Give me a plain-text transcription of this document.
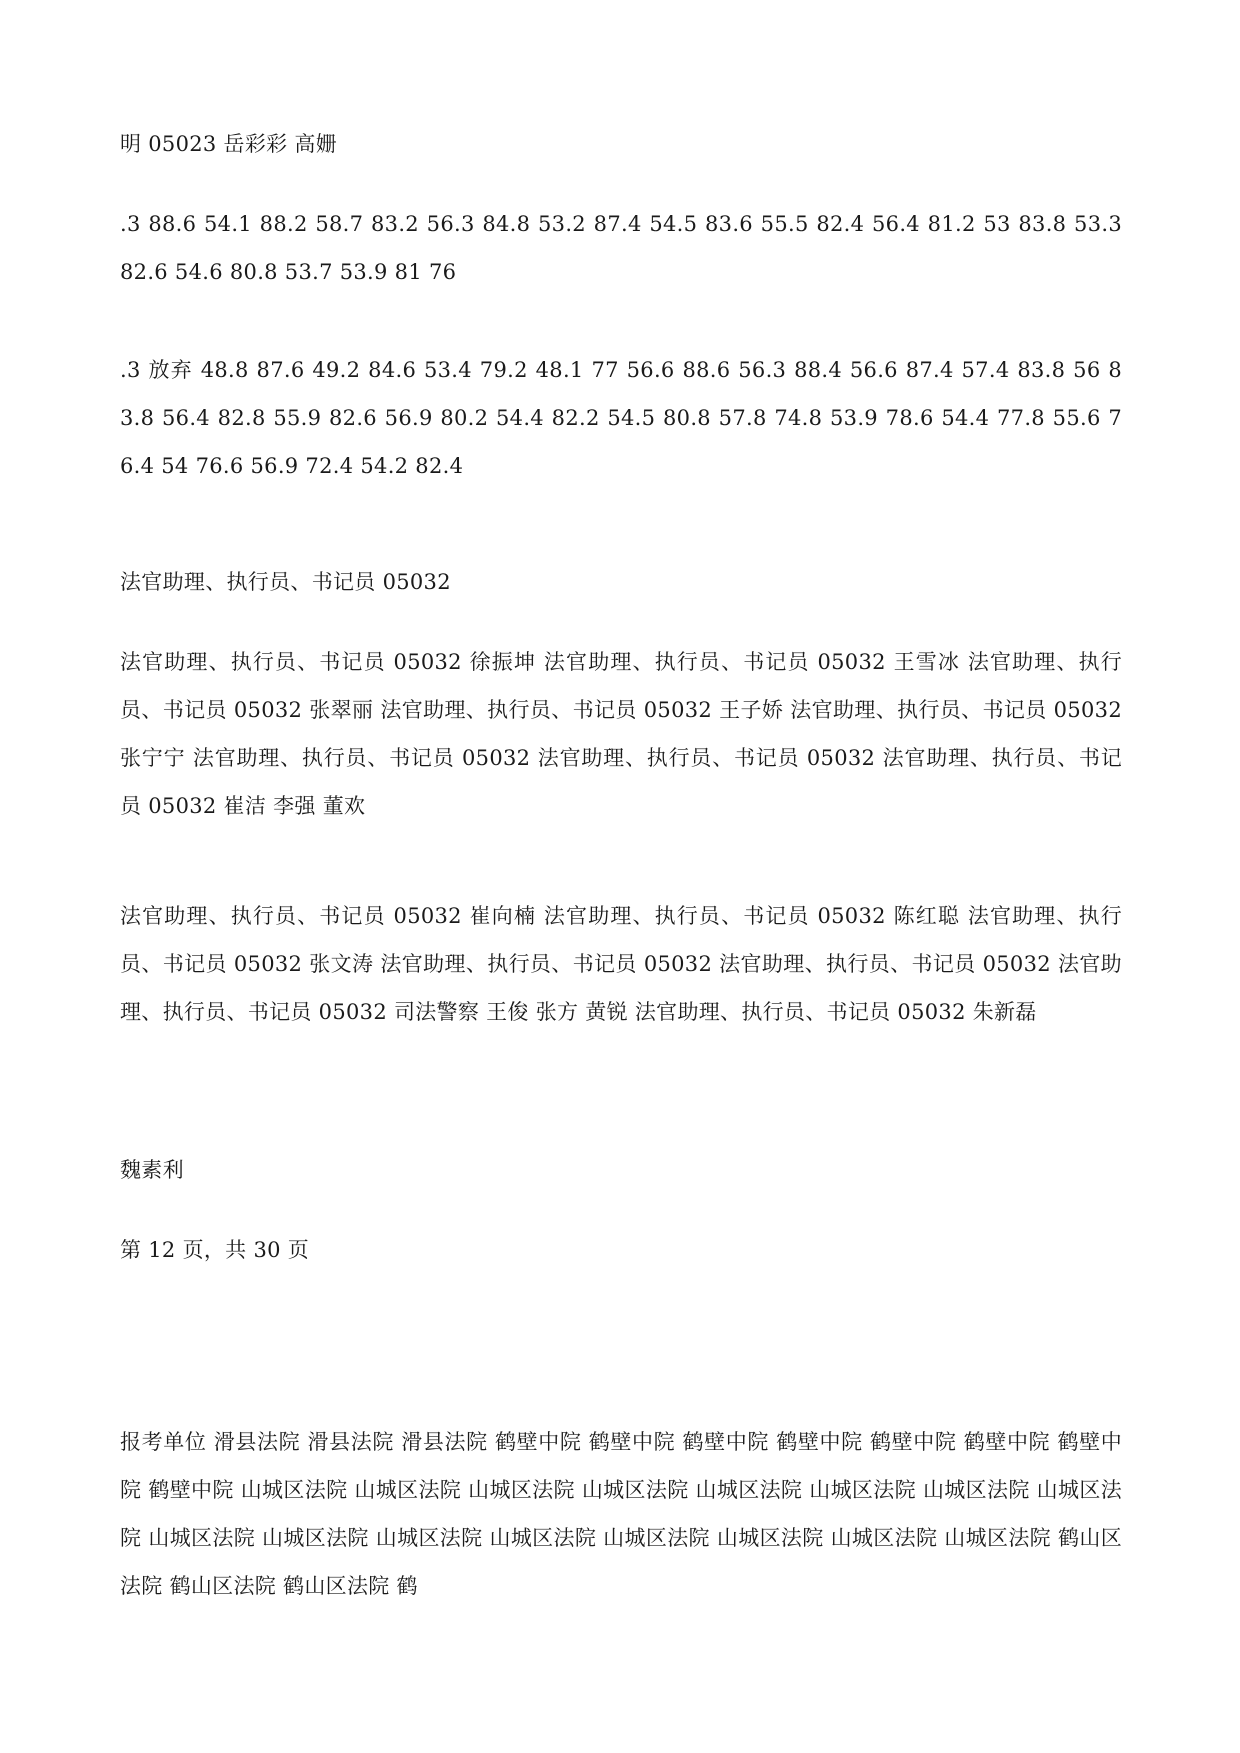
明 05023 岳彩彩 高姗

.3 88.6 54.1 88.2 58.7 83.2 56.3 84.8 53.2 87.4 54.5 83.6 55.5 82.4 56.4 81.2 53 83.8 53.3 82.6 54.6 80.8 53.7 53.9 81 76

.3 放弃 48.8 87.6 49.2 84.6 53.4 79.2 48.1 77 56.6 88.6 56.3 88.4 56.6 87.4 57.4 83.8 56 83.8 56.4 82.8 55.9 82.6 56.9 80.2 54.4 82.2 54.5 80.8 57.8 74.8 53.9 78.6 54.4 77.8 55.6 76.4 54 76.6 56.9 72.4 54.2 82.4

法官助理、执行员、书记员 05032

法官助理、执行员、书记员 05032 徐振坤 法官助理、执行员、书记员 05032 王雪冰 法官助理、执行员、书记员 05032 张翠丽 法官助理、执行员、书记员 05032 王子娇 法官助理、执行员、书记员 05032 张宁宁 法官助理、执行员、书记员 05032 法官助理、执行员、书记员 05032 法官助理、执行员、书记员 05032 崔洁 李强 董欢

法官助理、执行员、书记员 05032 崔向楠 法官助理、执行员、书记员 05032 陈红聪 法官助理、执行员、书记员 05032 张文涛 法官助理、执行员、书记员 05032 法官助理、执行员、书记员 05032 法官助理、执行员、书记员 05032 司法警察 王俊 张方 黄锐 法官助理、执行员、书记员 05032 朱新磊

魏素利

第 12 页，共 30 页

报考单位 滑县法院 滑县法院 滑县法院 鹤壁中院 鹤壁中院 鹤壁中院 鹤壁中院 鹤壁中院 鹤壁中院 鹤壁中院 鹤壁中院 山城区法院 山城区法院 山城区法院 山城区法院 山城区法院 山城区法院 山城区法院 山城区法院 山城区法院 山城区法院 山城区法院 山城区法院 山城区法院 山城区法院 山城区法院 山城区法院 鹤山区法院 鹤山区法院 鹤山区法院 鹤
